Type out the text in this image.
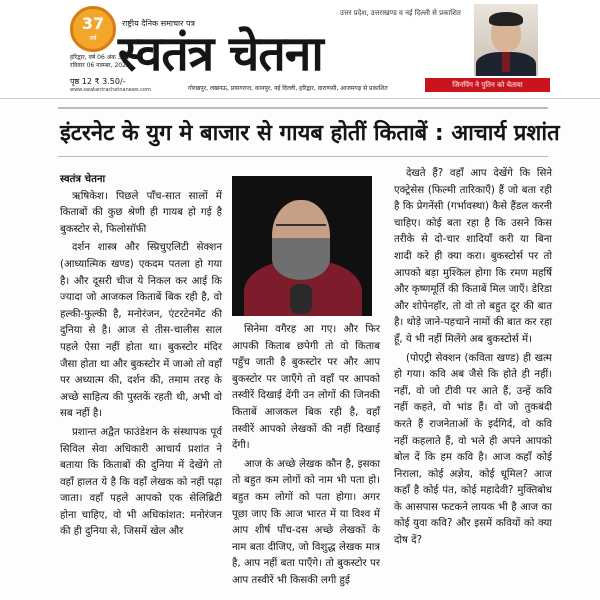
37
वर्ष
राष्ट्रीय दैनिक समाचार पत्र
स्वतंत्र चेतना
उत्तर प्रदेश, उत्तराखण्ड व नई दिल्ली से प्रकाशित
हरिद्वार, वर्ष 06 अंक 301
रविवार 06 नवम्बर, 2022
पृष्ठ 12 ₹ 3.50/-
www.swatantrachetnanews.com	गोरखपुर, लखनऊ, प्रयागराज, कानपुर, नई दिल्ली, हरिद्वार, वाराणसी, आजमगढ़ से प्रकाशित	जिनपिंग ने पुतिन को चेताया
इंटरनेट के युग मे बाजार से गायब होतीं किताबें : आचार्य प्रशांत
स्वतंत्र चेतना

ऋषिकेश। पिछले पाँच-सात सालों में किताबों की कुछ श्रेणी ही गायब हो गई है बुकस्टोर से, फिलोसॉफी

दर्शन शास्त्र और स्प्रिचुएलिटी सेक्शन (आध्यात्मिक खण्ड) एकदम पतला हो गया है। और दूसरी चीज ये निकल कर आई कि ज्यादा जो आजकल किताबें बिक रही है, वो हल्की-फुल्की है, मनोरंजन, एंटरटेनमेंट की दुनिया से है। आज से तीस-चालीस साल पहले ऐसा नहीं होता था। बुकस्टोर मंदिर जैसा होता था और बुकस्टोर में जाओ तो वहाँ पर अध्यात्म की, दर्शन की, तमाम तरह के अच्छे साहित्य की पुस्तकें रहती थी, अभी वो सब नहीं है।

प्रशान्त अद्वैत फाउंडेशन के संस्थापक पूर्व सिविल सेवा अधिकारी आचार्य प्रशांत ने बताया कि किताबों की दुनिया में देखेंगे तो वहाँ हालत ये है कि वहाँ लेखक को नहीं पढ़ा जाता। वहाँ पहले आपको एक सेलिब्रिटी होना चाहिए, वो भी अधिकांशत: मनोरंजन की ही दुनिया से, जिसमें खेल और

सिनेमा वगैरह आ गए। और फिर आपकी किताब छपेगी तो वो किताब पहुँच जाती है बुकस्टोर पर और आप बुकस्टोर पर जाएँगे तो वहाँ पर आपको तस्वीरें दिखाई देंगी उन लोगों की जिनकी किताबें आजकल बिक रही है, वहाँ तस्वीरें आपको लेखकों की नहीं दिखाई देंगी।

आज के अच्छे लेखक कौन है, इसका तो बहुत कम लोगों को नाम भी पता हो। बहुत कम लोगों को पता होगा। अगर पूछा जाए कि आज भारत में या विश्व में आप शीर्ष पाँच-दस अच्छे लेखकों के नाम बता दीजिए, जो विशुद्ध लेखक मात्र है, आप नहीं बता पाएँगे। तो बुकस्टोर पर आप तस्वीरें भी किसकी लगी हुई

देखते हैं? वहाँ आप देखेंगे कि सिने एक्ट्रेसेस (फिल्मी तारिकाएँ) हैं जो बता रही है कि प्रेगनेंसी (गर्भावस्था) कैसे हैंडल करनी चाहिए। कोई बता रहा है कि उसने किस तरीके से दो-चार शादियाँ करी या बिना शादी करे ही क्या करा। बुकस्टोर्स पर तो आपको बड़ा मुश्किल होगा कि रमण महर्षि और कृष्णमूर्ति की किताबें मिल जाएँ। डेरिडा और शोपेनहॉर, तो वो तो बहुत दूर की बात है। थोड़े जाने-पहचाने नामों की बात कर रहा हूँ, ये भी नहीं मिलेंगे अब बुकस्टोर्स में।

(पोएट्री सेक्शन (कविता खण्ड) ही खत्म हो गया। कवि अब जैसे कि होते ही नहीं। नहीं, वो जो टीवी पर आते हैं, उन्हें कवि नहीं कहते, वो भांड हैं। वो जो तुकबंदी करते हैं राजनेताओं के इर्दगिर्द, वो कवि नहीं कहलाते हैं, वो भले ही अपने आपको बोल दें कि हम कवि है। आज कहाँ कोई निराला, कोई अज्ञेय, कोई धूमिल? आज कहाँ है कोई पंत, कोई महादेवी? मुक्तिबोध के आसपास फटकने लायक भी है आज का कोई युवा कवि? और इसमें कवियों को क्या दोष दें?
